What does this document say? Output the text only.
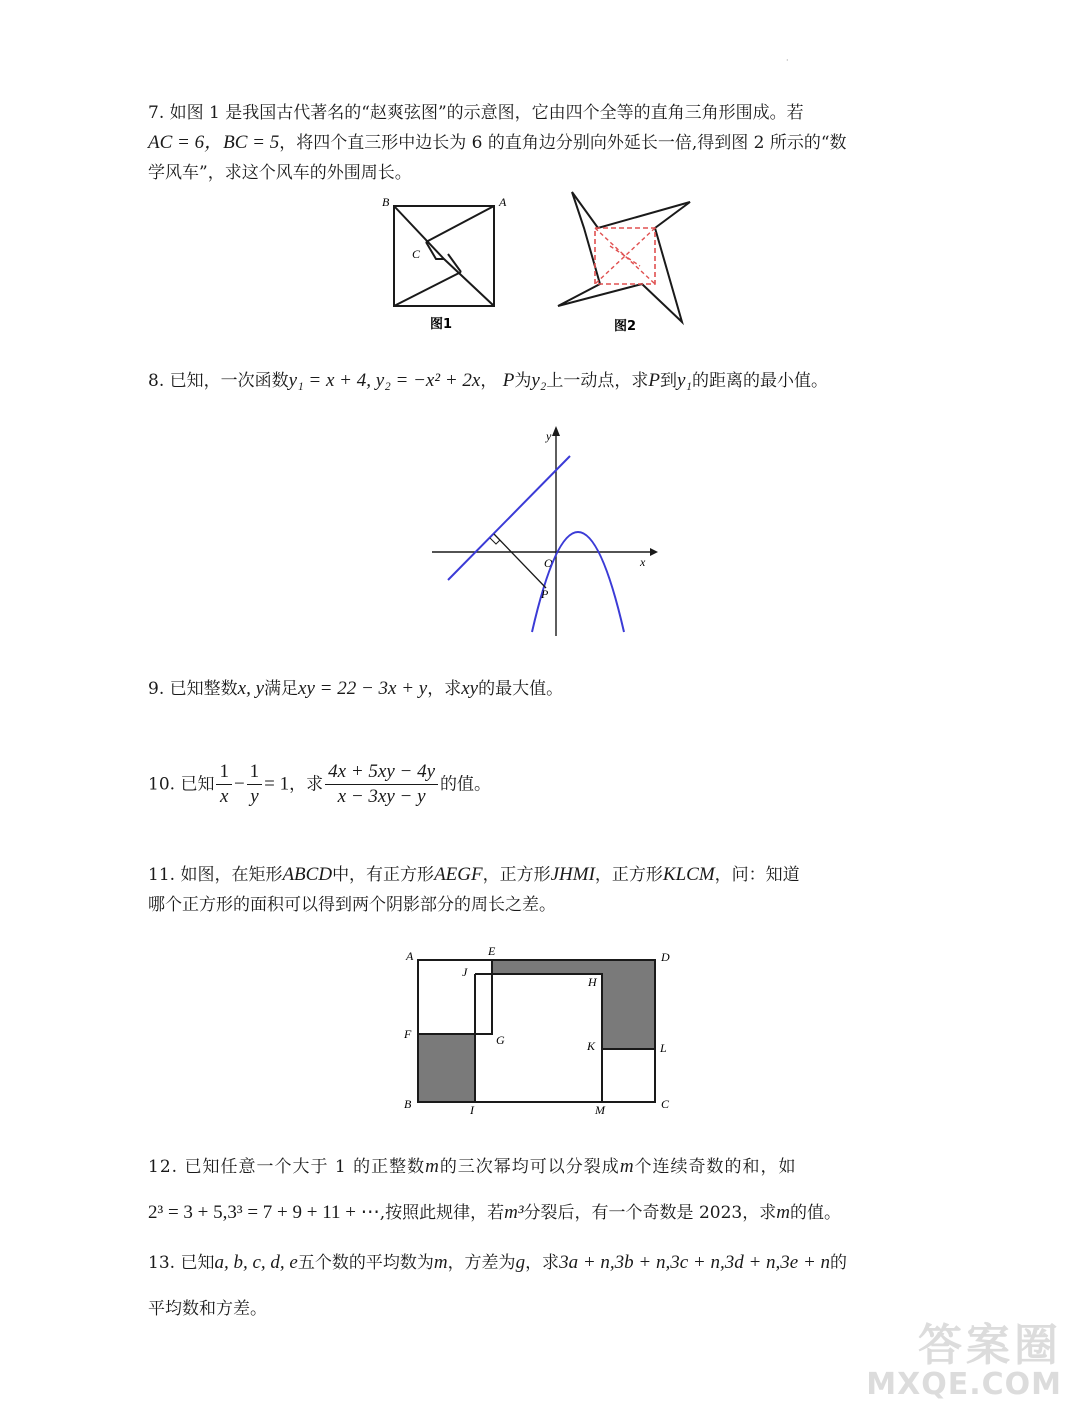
·
7. 如图 1 是我国古代著名的“赵爽弦图”的示意图，它由四个全等的直角三角形围成。若
AC = 6，BC = 5，将四个直三形中边长为 6 的直角边分别向外延长一倍,得到图 2 所示的“数
学风车”，求这个风车的外围周长。
B	A
C
图1	图2
8. 已知，一次函数y₁ = x + 4, y₂ = −x² + 2x， P为y₂上一动点，求P到y₁的距离的最小值。
y
x
O
P
9. 已知整数x, y满足xy = 22 − 3x + y，求xy的最大值。
10. 已知 $\frac{1}{x} - \frac{1}{y} = 1$，求 $\frac{4x + 5xy - 4y}{x - 3xy - y}$ 的值。
11. 如图，在矩形ABCD中，有正方形AEGF，正方形JHMI，正方形KLCM，问：知道
哪个正方形的面积可以得到两个阴影部分的周长之差。
A	E	D
J
H
F	G	K	L
B	I	M	C
12. 已知任意一个大于 1 的正整数m的三次幂均可以分裂成m个连续奇数的和，如
2³ = 3 + 5,3³ = 7 + 9 + 11 + ⋯,按照此规律，若m³分裂后，有一个奇数是 2023，求m的值。
13. 已知a, b, c, d, e五个数的平均数为m，方差为g，求3a + n,3b + n,3c + n,3d + n,3e + n的
平均数和方差。
答案圈
MXQE.COM
